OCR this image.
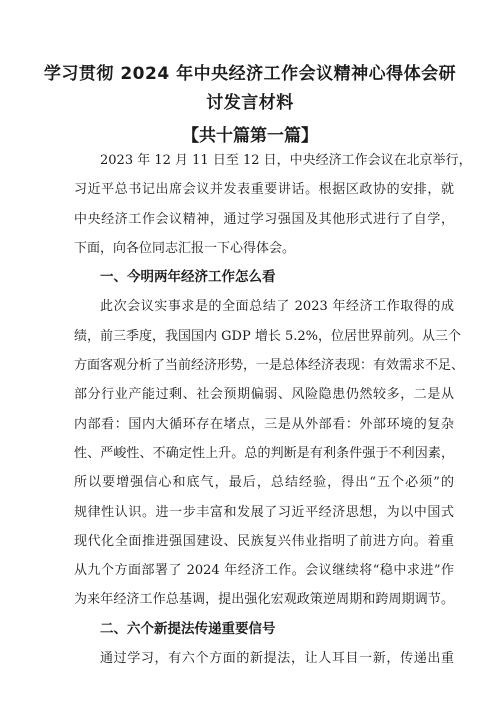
学习贯彻 2024 年中央经济工作会议精神心得体会研
讨发言材料
【共十篇第一篇】
2023 年 12 月 11 日至 12 日，中央经济工作会议在北京举行，
习近平总书记出席会议并发表重要讲话。根据区政协的安排，就
中央经济工作会议精神，通过学习强国及其他形式进行了自学，
下面，向各位同志汇报一下心得体会。
一、今明两年经济工作怎么看
此次会议实事求是的全面总结了 2023 年经济工作取得的成
绩，前三季度，我国国内 GDP 增长 5.2%，位居世界前列。从三个
方面客观分析了当前经济形势，一是总体经济表现：有效需求不足、
部分行业产能过剩、社会预期偏弱、风险隐患仍然较多，二是从
内部看：国内大循环存在堵点，三是从外部看：外部环境的复杂
性、严峻性、不确定性上升。总的判断是有利条件强于不利因素，
所以要增强信心和底气，最后，总结经验，得出“五个必须”的
规律性认识。进一步丰富和发展了习近平经济思想，为以中国式
现代化全面推进强国建设、民族复兴伟业指明了前进方向。着重
从九个方面部署了 2024 年经济工作。会议继续将“稳中求进”作
为来年经济工作总基调，提出强化宏观政策逆周期和跨周期调节。
二、六个新提法传递重要信号
通过学习，有六个方面的新提法，让人耳目一新，传递出重
